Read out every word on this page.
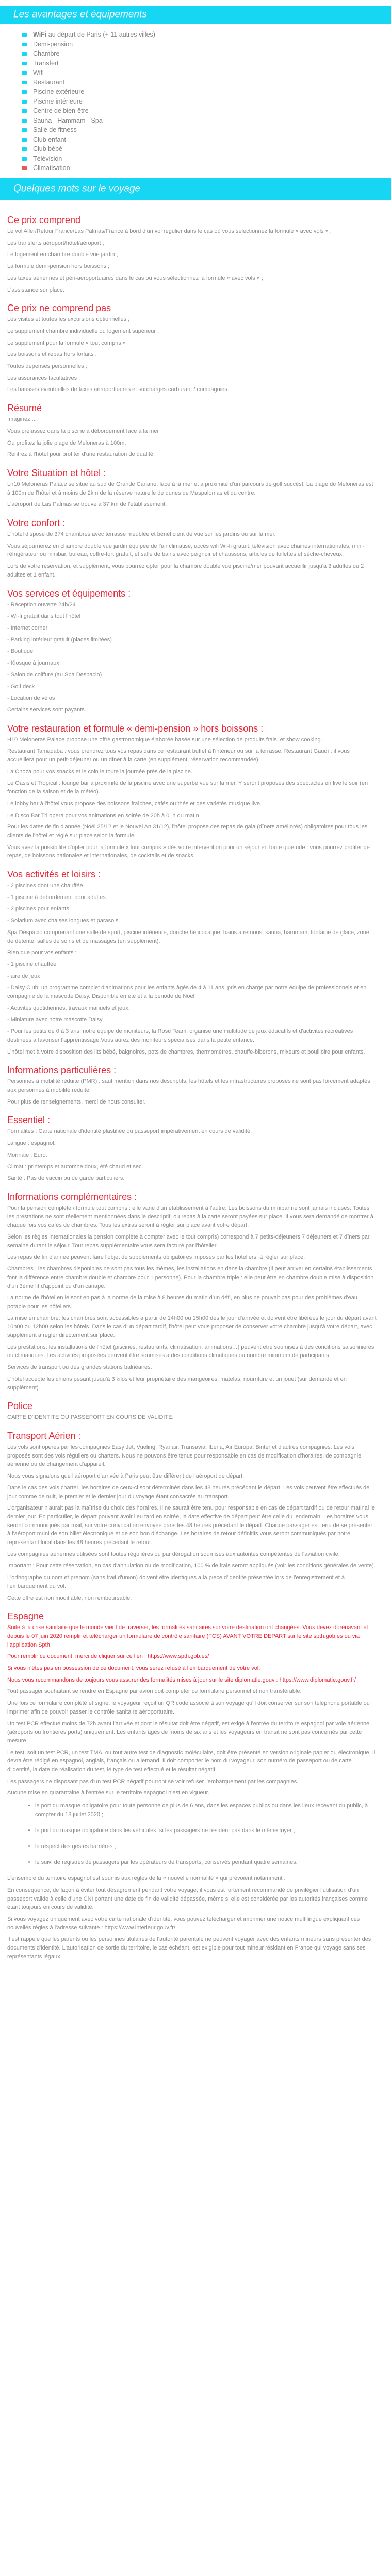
Les avantages et équipements
WiFi au départ de Paris (+ 11 autres villes)
Demi-pension
Chambre
Transfert
Wifi
Restaurant
Piscine extérieure
Piscine intérieure
Centre de bien-être
Sauna - Hammam - Spa
Salle de fitness
Club enfant
Club bébé
Télévision
Climatisation
Quelques mots sur le voyage
Ce prix comprend

Le vol Aller/Retour France/Las Palmas/France à bord d'un vol régulier dans le cas où vous sélectionnez la formule « avec vols » ;

Les transferts aéroport/hôtel/aéroport ;

Le logement en chambre double vue jardin ;

La formule demi-pension hors boissons ;

Les taxes aériennes et péri-aéroportuaires dans le cas où vous sélectionnez la formule « avec vols » ;

L'assistance sur place.

Ce prix ne comprend pas

Les visites et toutes les excursions optionnelles ;

Le supplément chambre individuelle ou logement supérieur ;

Le supplément pour la formule « tout compris » ;

Les boissons et repas hors forfaits ;

Toutes dépenses personnelles ;

Les assurances facultatives ;

Les hausses éventuelles de taxes aéroportuaires et surcharges carburant / compagnies.

Résumé

Imaginez ...

Vous prélassez dans la piscine à débordement face à la mer

Ou profitez la jolie plage de Meloneras à 100m.

Rentrez à l'hôtel pour profiter d'une restauration de qualité.

Votre Situation et hôtel :

Lh10 Meloneras Palace se situe au sud de Grande Canarie, face à la mer et à proximité d'un parcours de golf succès!. La plage de Meloneras est à 100m de l'hôtel et à moins de 2km de la réserve naturelle de dunes de Maspalomas et du centre.

L'aéroport de Las Palmas se trouve à 37 km de l'établissement.

Votre confort :

L'hôtel dispose de 374 chambres avec terrasse meublée et bénéficient de vue sur les jardins ou sur la mer.

Vous séjournerez en chambre double vue jardin équipée de l'air climatisé, accès wifi Wi-fi gratuit, télévision avec chaines internationales, mini-réfrigérateur ou minibar, bureau, coffre-fort gratuit, et salle de bains avec peignoir et chaussons, articles de toilettes et sèche-cheveux.

Lors de votre réservation, et supplément, vous pourrez opter pour la chambre double vue piscine/mer pouvant accueillir jusqu'à 3 adultes ou 2 adultes et 1 enfant.

Vos services et équipements :

- Réception ouverte 24h/24

- Wi-fi gratuit dans tout l'hôtel

- Internet corner

- Parking intérieur gratuit (places limitées)

- Boutique

- Kiosque à journaux

- Salon de coiffure (au Spa Despacio)

- Golf deck

- Location de vélos

Certains services sont payants.

Votre restauration et formule « demi-pension » hors boissons :

H10 Meloneras Palace propose une offre gastronomique élaborée basée sur une sélection de produits frais, et show cooking.

Restaurant Tamadaba : vous prendrez tous vos repas dans ce restaurant buffet à l'intérieur ou sur la terrasse. Restaurant Gaudí : il vous accueillera pour un petit-déjeuner ou un dîner à la carte (en supplément, réservation recommandée).

La Choza pour vos snacks et le coin le toute la journée près de la piscine.

Le Oasis et Tropical : lounge bar à proximité de la piscine avec une superbe vue sur la mer. Y seront proposés des spectacles en live le soir (en fonction de la saison et de la météo).

Le lobby bar à l'hôtel vous propose des boissons fraîches, cafés ou thés et des variétés musique live.

Le Disco Bar Tri opera pour vos animations en soirée de 20h à 01h du matin.

Pour les dates de fin d'année (Noël 25/12 et le Nouvel An 31/12), l'hôtel propose des repas de gala (dîners améliorés) obligatoires pour tous les clients de l'hôtel et réglé sur place selon la formule.

Vous avez la possibilité d'opter pour la formule « tout compris » dès votre intervention pour un séjour en toute quiétude : vous pourrez profiter de repas, de boissons nationales et internationales, de cocktails et de snacks.

Vos activités et loisirs :

- 2 piscines dont une chauffée

- 1 piscine à débordement pour adultes

- 2 piscines pour enfants

- Solarium avec chaises longues et parasols

Spa Despacio comprenant une salle de sport, piscine intérieure, douche hélicocaque, bains à remous, sauna, hammam, fontaine de glace, zone de détente, salles de soins et de massages (en supplément).

Rien que pour vos enfants :

- 1 piscine chauffée

- aire de jeux

- Daisy Club: un programme complet d'animations pour les enfants âgés de 4 à 11 ans, pris en charge par notre équipe de professionnels et en compagnie de la mascotte Daisy. Disponible en été et à la période de Noël.

- Activités quotidiennes, travaux manuels et jeux.

- Miniature avec notre mascotte Daisy.

- Pour les petits de 0 à 3 ans, notre équipe de moniteurs, la Rose Team, organise une multitude de jeux éducatifs et d'activités récréatives destinées à favoriser l'apprentissage.Vous aurez des moniteurs spécialisés dans la petite enfance.

L'hôtel met à votre disposition des lits bébé, baignoires, pots de chambres, thermomètres, chauffe-biberons, mixeurs et bouilloire pour enfants.

Informations particulières :

Personnes à mobilité réduite (PMR) : sauf mention dans nos descriptifs, les hôtels et les infrastructures proposés ne sont pas forcément adaptés aux personnes à mobilité réduite.

Pour plus de renseignements, merci de nous consulter.

Essentiel :

Formalités : Carte nationale d'identité plastifiée ou passeport impérativement en cours de validité.

Langue : espagnol.

Monnaie : Euro.

Climat : printemps et automne doux, été chaud et sec.

Santé : Pas de vaccin ou de garde particuliers.

Informations complémentaires :

Pour la pension complète / formule tout compris : elle varie d'un établissement à l'autre. Les boissons du minibar ne sont jamais incluses. Toutes les prestations ne sont réellement mentionnées dans le descriptif, ou repas à la carte seront payées sur place. Il vous sera demandé de montrer à chaque fois vos cafés de chambres. Tous les extras seront à régler sur place avant votre départ.

Selon les règles internationales la pension complète à compter avec le tout compris) correspond à 7 petits-déjeuners 7 déjeuners et 7 dîners par semaine durant le séjour. Tout repas supplémentaire vous sera facturé par l'hôtelier.

Les repas de fin d'année peuvent faire l'objet de suppléments obligatoires imposés par les hôteliers, à régler sur place.

Chambres : les chambres disponibles ne sont pas tous les mêmes, les installations en dans la chambre (il peut arriver en certains établissements font la différence entre chambre double et chambre pour 1 personne). Pour la chambre triple : elle peut être en chambre double mise à disposition d'un 3ème lit d'appoint ou d'un canapé.

La norme de l'hôtel en le sont en pas à la norme de la mise à 8 heures du matin d'un défi, en plus ne pouvait pas pour des problèmes d'eau potable pour les hôteliers.

La mise en chambre: les chambres sont accessibles à partir de 14h00 ou 15h00 dès le jour d'arrivée et doivent être libérées le jour du départ avant 10h00 ou 12h00 selon les hôtels. Dans le cas d'un départ tardif, l'hôtel peut vous proposer de conserver votre chambre jusqu'à votre départ, avec supplément à régler directement sur place.

Les prestations: les installations de l'hôtel (piscines, restaurants, climatisation, animations…) peuvent être soumises à des conditions saisonnières ou climatiques. Les activités proposées peuvent être soumises à des conditions climatiques ou nombre minimum de participants.

Services de transport ou des grandes stations balnéaires.

L'hôtel accepte les chiens pesant jusqu'à 3 kilos et leur propriétaire des mangeoires, matelas, nourriture et un jouet (sur demande et en supplément).

Police

CARTE D'IDENTITE OU PASSEPORT EN COURS DE VALIDITE.

Transport Aérien :

Les vols sont opérés par les compagnies Easy Jet, Vueling, Ryanair, Transavia, Iberia, Air Europa, Binter et d'autres compagnies. Les vols proposés sont des vols réguliers ou charters. Nous ne pouvons être tenus pour responsable en cas de modification d'horaires, de compagnie aérienne ou de changement d'appareil.

Nous vous signalons que l'aéroport d'arrivée à Paris peut être différent de l'aéroport de départ.

Dans le cas des vols charter, les horaires de ceux-ci sont déterminés dans les 48 heures précédant le départ. Les vols peuvent être effectués de jour comme de nuit, le premier et le dernier jour du voyage étant consacrés au transport.

L'organisateur n'aurait pas la maîtrise du choix des horaires. Il ne saurait être tenu pour responsable en cas de départ tardif ou de retour matinal le dernier jour. En particulier, le départ pouvant avoir lieu tard en soirée, la date effective de départ peut être celle du lendemain. Les horaires vous seront communiqués par mail, sur votre convocation envoyée dans les 48 heures précédant le départ. Chaque passager est tenu de se présenter à l'aéroport muni de son billet électronique et de son bon d'échange. Les horaires de retour définitifs vous seront communiqués par notre représentant local dans les 48 heures précédant le retour.

Les compagnies aériennes utilisées sont toutes régulières ou par dérogation soumises aux autorités compétentes de l'aviation civile.

Important : Pour cette réservation, en cas d'annulation ou de modification, 100 % de frais seront appliqués (voir les conditions générales de vente).

L'orthographe du nom et prénom (sans trait d'union) doivent être identiques à la pièce d'identité présentée lors de l'enregistrement et à l'embarquement du vol.

Cette offre est non modifiable, non remboursable.

Espagne

Suite à la crise sanitaire que le monde vient de traverser, les formalités sanitaires sur votre destination ont changées. Vous devez dorénavant et depuis le 07 juin 2020 remplir et télécharger un formulaire de contrôle sanitaire (FCS) AVANT VOTRE DEPART sur le site spth.gob.es ou via l'application Spth.

Pour remplir ce document, merci de cliquer sur ce lien : https://www.spth.gob.es/

Si vous n'êtes pas en possession de ce document, vous serez refusé à l'embarquement de votre vol.

Nous vous recommandons de toujours vous assurer des formalités mises à jour sur le site diplomatie.gouv : https://www.diplomatie.gouv.fr/

Tout passager souhaitant se rendre en Espagne par avion doit compléter ce formulaire personnel et non transférable.

Une fois ce formulaire complété et signé, le voyageur reçoit un QR code associé à son voyage qu'il doit conserver sur son téléphone portable ou imprimer afin de pouvoir passer le contrôle sanitaire aéroportuaire.

Un test PCR effectué moins de 72h avant l'arrivée et dont le résultat doit être négatif, est exigé à l'entrée du territoire espagnol par voie aérienne (aéroports ou frontières ports) uniquement. Les enfants âgés de moins de six ans et les voyageurs en transit ne sont pas concernés par cette mesure.

Le test, soit un test PCR, un test TMA, ou tout autre test de diagnostic moléculaire, doit être présenté en version originale papier ou électronique. Il devra être rédigé en espagnol, anglais, français ou allemand. Il doit comporter le nom du voyageur, son numéro de passeport ou de carte d'identité, la date de réalisation du test, le type de test effectué et le résultat négatif.

Les passagers ne disposant pas d'un test PCR négatif pourront se voir refuser l'embarquement par les compagnies.

Aucune mise en quarantaine à l'entrée sur le territoire espagnol n'est en vigueur.

• le port du masque obligatoire pour toute personne de plus de 6 ans, dans les espaces publics ou dans les lieux recevant du public, à compter du 18 juillet 2020 ;
• le port du masque obligatoire dans les véhicules, si les passagers ne résident pas dans le même foyer ;
• le respect des gestes barrières ;
• le suivi de registres de passagers par les opérateurs de transports, conservés pendant quatre semaines.

L'ensemble du territoire espagnol est soumis aux règles de la « nouvelle normalité » qui prévoient notamment :

En conséquence, de façon à éviter tout désagrément pendant votre voyage, il vous est fortement recommandé de privilégier l'utilisation d'un passeport valide à celle d'une CNI portant une date de fin de validité dépassée, même si elle est considérée par les autorités françaises comme étant toujours en cours de validité.

Si vous voyagez uniquement avec votre carte nationale d'identité, vous pouvez télécharger et imprimer une notice multilingue expliquant ces nouvelles règles à l'adresse suivante : https://www.interieur.gouv.fr/

Il est rappelé que les parents ou les personnes titulaires de l'autorité parentale ne peuvent voyager avec des enfants mineurs sans présenter des documents d'identité. L'autorisation de sortie du territoire, le cas échéant, est exigible pour tout mineur résidant en France qui voyage sans ses représentants légaux.
